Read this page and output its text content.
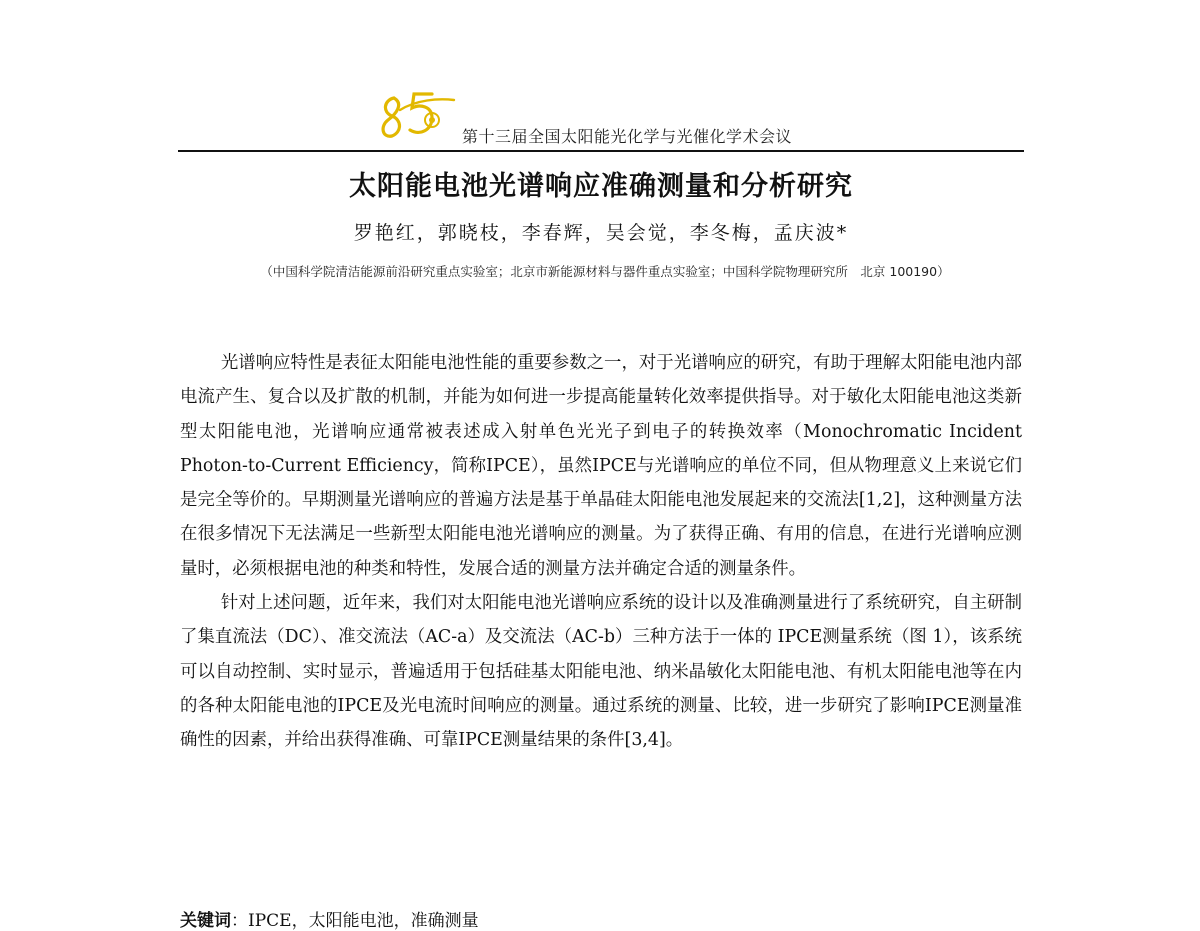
第十三届全国太阳能光化学与光催化学术会议
太阳能电池光谱响应准确测量和分析研究
罗艳红，郭晓枝，李春辉，吴会觉，李冬梅，孟庆波*
（中国科学院清洁能源前沿研究重点实验室；北京市新能源材料与器件重点实验室；中国科学院物理研究所　北京 100190）

光谱响应特性是表征太阳能电池性能的重要参数之一，对于光谱响应的研究，有助于理解太阳能电池内部电流产生、复合以及扩散的机制，并能为如何进一步提高能量转化效率提供指导。对于敏化太阳能电池这类新型太阳能电池，光谱响应通常被表述成入射单色光光子到电子的转换效率（Monochromatic Incident Photon-to-Current Efficiency，简称IPCE），虽然IPCE与光谱响应的单位不同，但从物理意义上来说它们是完全等价的。早期测量光谱响应的普遍方法是基于单晶硅太阳能电池发展起来的交流法[1,2]，这种测量方法在很多情况下无法满足一些新型太阳能电池光谱响应的测量。为了获得正确、有用的信息，在进行光谱响应测量时，必须根据电池的种类和特性，发展合适的测量方法并确定合适的测量条件。

针对上述问题，近年来，我们对太阳能电池光谱响应系统的设计以及准确测量进行了系统研究，自主研制了集直流法（DC）、准交流法（AC-a）及交流法（AC-b）三种方法于一体的 IPCE测量系统（图 1），该系统可以自动控制、实时显示，普遍适用于包括硅基太阳能电池、纳米晶敏化太阳能电池、有机太阳能电池等在内的各种太阳能电池的IPCE及光电流时间响应的测量。通过系统的测量、比较，进一步研究了影响IPCE测量准确性的因素，并给出获得准确、可靠IPCE测量结果的条件[3,4]。

关键词：IPCE，太阳能电池，准确测量
